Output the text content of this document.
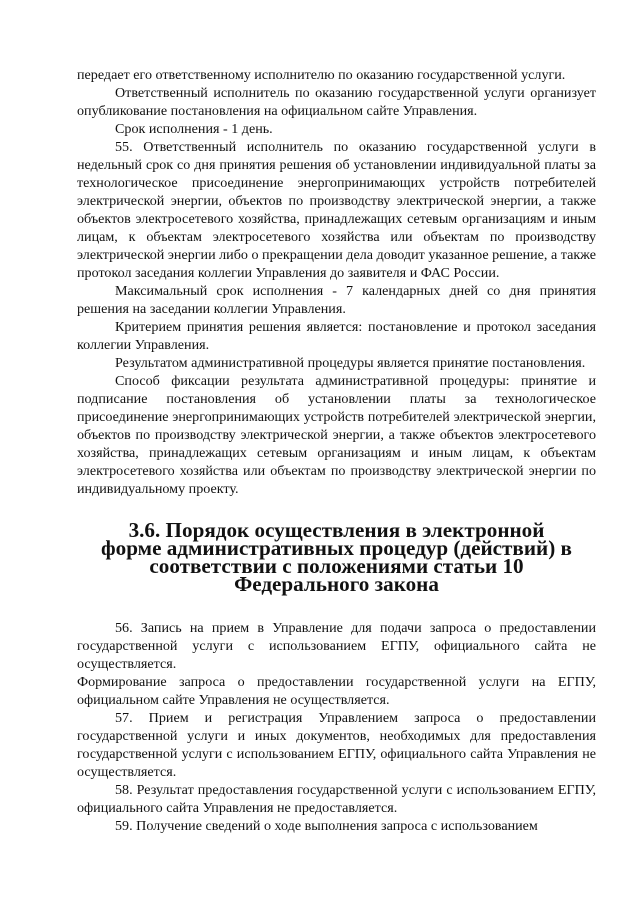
передает его ответственному исполнителю по оказанию государственной услуги.

Ответственный исполнитель по оказанию государственной услуги организует опубликование постановления на официальном сайте Управления.

Срок исполнения - 1 день.

55. Ответственный исполнитель по оказанию государственной услуги в недельный срок со дня принятия решения об установлении индивидуальной платы за технологическое присоединение энергопринимающих устройств потребителей электрической энергии, объектов по производству электрической энергии, а также объектов электросетевого хозяйства, принадлежащих сетевым организациям и иным лицам, к объектам электросетевого хозяйства или объектам по производству электрической энергии либо о прекращении дела доводит указанное решение, а также протокол заседания коллегии Управления до заявителя и ФАС России.

Максимальный срок исполнения - 7 календарных дней со дня принятия решения на заседании коллегии Управления.

Критерием принятия решения является: постановление и протокол заседания коллегии Управления.

Результатом административной процедуры является принятие постановления.

Способ фиксации результата административной процедуры: принятие и подписание постановления об установлении платы за технологическое присоединение энергопринимающих устройств потребителей электрической энергии, объектов по производству электрической энергии, а также объектов электросетевого хозяйства, принадлежащих сетевым организациям и иным лицам, к объектам электросетевого хозяйства или объектам по производству электрической энергии по индивидуальному проекту.

3.6. Порядок осуществления в электронной форме административных процедур (действий) в соответствии с положениями статьи 10 Федерального закона

56. Запись на прием в Управление для подачи запроса о предоставлении государственной услуги с использованием ЕГПУ, официального сайта не осуществляется.

Формирование запроса о предоставлении государственной услуги на ЕГПУ, официальном сайте Управления не осуществляется.

57. Прием и регистрация Управлением запроса о предоставлении государственной услуги и иных документов, необходимых для предоставления государственной услуги с использованием ЕГПУ, официального сайта Управления не осуществляется.

58. Результат предоставления государственной услуги с использованием ЕГПУ, официального сайта Управления не предоставляется.

59. Получение сведений о ходе выполнения запроса с использованием
